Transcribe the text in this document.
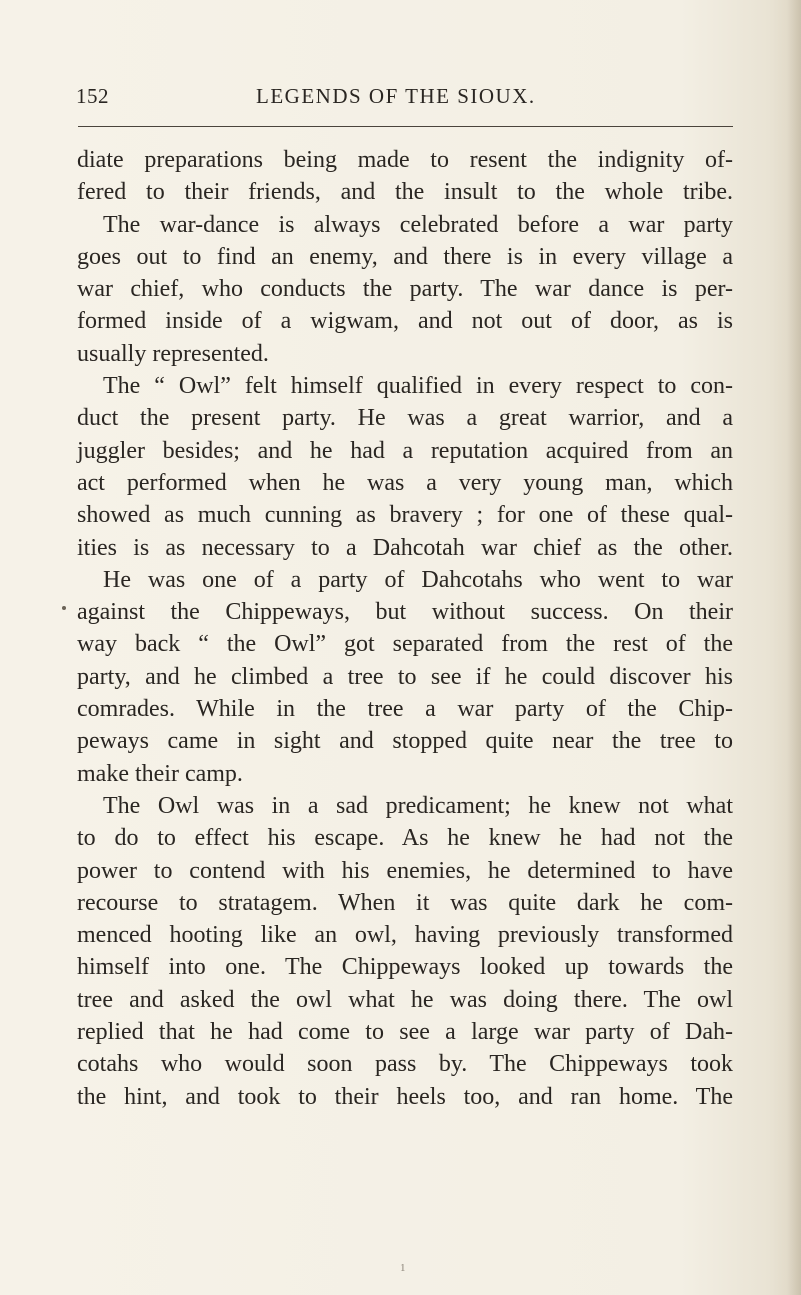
152	LEGENDS OF THE SIOUX.
diate preparations being made to resent the indignity of-
fered to their friends, and the insult to the whole tribe.
The war-dance is always celebrated before a war party
goes out to find an enemy, and there is in every village a
war chief, who conducts the party. The war dance is per-
formed inside of a wigwam, and not out of door, as is
usually represented.
The “ Owl” felt himself qualified in every respect to con-
duct the present party. He was a great warrior, and a
juggler besides; and he had a reputation acquired from an
act performed when he was a very young man, which
showed as much cunning as bravery ; for one of these qual-
ities is as necessary to a Dahcotah war chief as the other.
He was one of a party of Dahcotahs who went to war
against the Chippeways, but without success. On their
way back “ the Owl” got separated from the rest of the
party, and he climbed a tree to see if he could discover his
comrades. While in the tree a war party of the Chip-
peways came in sight and stopped quite near the tree to
make their camp.
The Owl was in a sad predicament; he knew not what
to do to effect his escape. As he knew he had not the
power to contend with his enemies, he determined to have
recourse to stratagem. When it was quite dark he com-
menced hooting like an owl, having previously transformed
himself into one. The Chippeways looked up towards the
tree and asked the owl what he was doing there. The owl
replied that he had come to see a large war party of Dah-
cotahs who would soon pass by. The Chippeways took
the hint, and took to their heels too, and ran home. The
1
